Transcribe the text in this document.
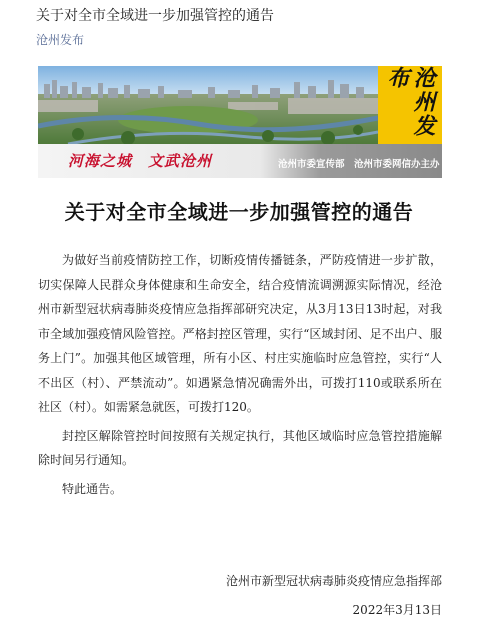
关于对全市全域进一步加强管控的通告
沧州发布
沧州发布
河海之城　文武沧州	沧州市委宣传部　沧州市委网信办主办
关于对全市全域进一步加强管控的通告

为做好当前疫情防控工作，切断疫情传播链条，严防疫情进一步扩散，切实保障人民群众身体健康和生命安全，结合疫情流调溯源实际情况，经沧州市新型冠状病毒肺炎疫情应急指挥部研究决定，从3月13日13时起，对我市全域加强疫情风险管控。严格封控区管理，实行“区域封闭、足不出户、服务上门”。加强其他区域管理，所有小区、村庄实施临时应急管控，实行“人不出区（村）、严禁流动”。如遇紧急情况确需外出，可拨打110或联系所在社区（村）。如需紧急就医，可拨打120。

封控区解除管控时间按照有关规定执行，其他区域临时应急管控措施解除时间另行通知。

特此通告。

沧州市新型冠状病毒肺炎疫情应急指挥部
2022年3月13日
